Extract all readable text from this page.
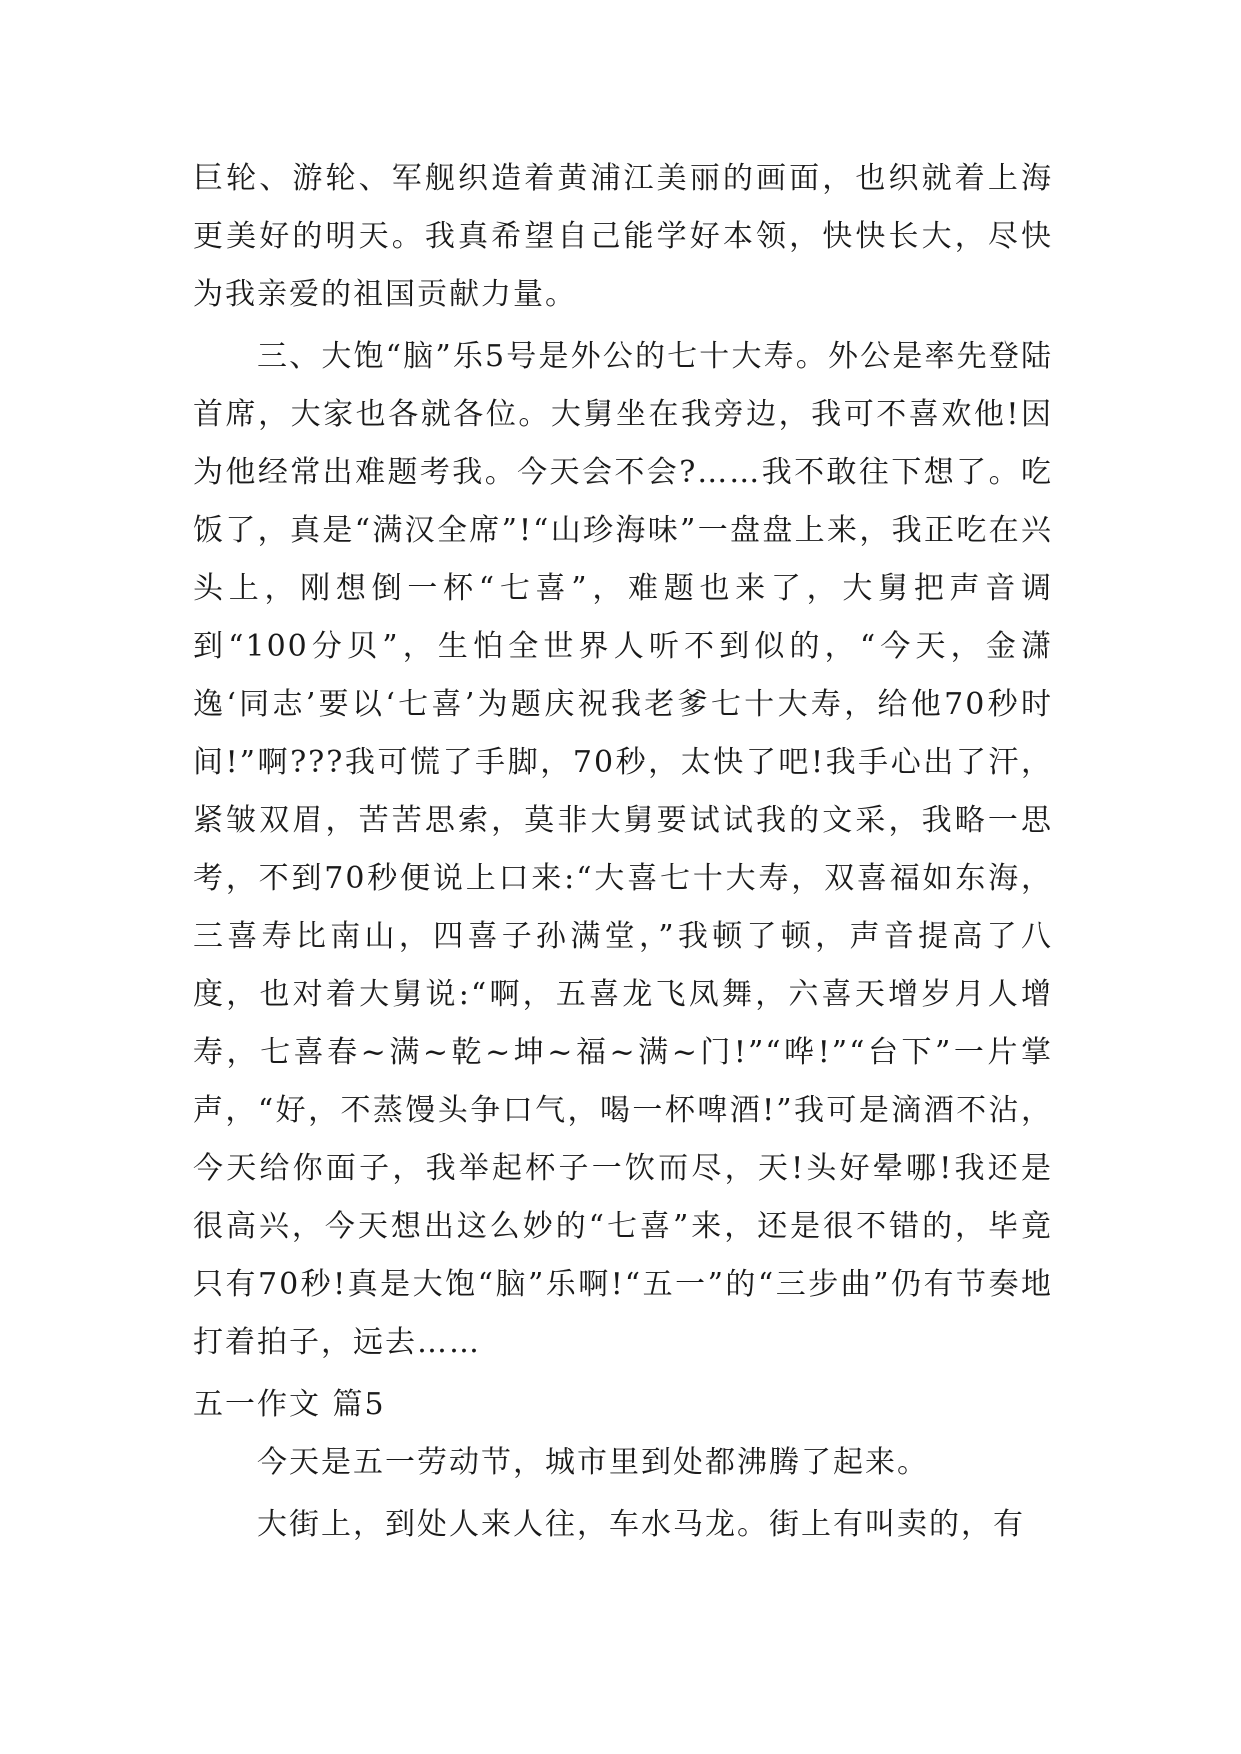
巨轮、游轮、军舰织造着黄浦江美丽的画面，也织就着上海更美好的明天。我真希望自己能学好本领，快快长大，尽快为我亲爱的祖国贡献力量。

三、大饱“脑”乐5号是外公的七十大寿。外公是率先登陆首席，大家也各就各位。大舅坐在我旁边，我可不喜欢他!因为他经常出难题考我。今天会不会?……我不敢往下想了。吃饭了，真是“满汉全席”!“山珍海味”一盘盘上来，我正吃在兴头上，刚想倒一杯“七喜”，难题也来了，大舅把声音调到“100分贝”，生怕全世界人听不到似的，“今天，金潇逸‘同志’要以‘七喜’为题庆祝我老爹七十大寿，给他70秒时间!”啊???我可慌了手脚，70秒，太快了吧!我手心出了汗，紧皱双眉，苦苦思索，莫非大舅要试试我的文采，我略一思考，不到70秒便说上口来:“大喜七十大寿，双喜福如东海，三喜寿比南山，四喜子孙满堂，”我顿了顿，声音提高了八度，也对着大舅说:“啊，五喜龙飞凤舞，六喜天增岁月人增寿，七喜春~满~乾~坤~福~满~门!”“哗!”“台下”一片掌声，“好，不蒸馒头争口气，喝一杯啤酒!”我可是滴酒不沾，今天给你面子，我举起杯子一饮而尽，天!头好晕哪!我还是很高兴，今天想出这么妙的“七喜”来，还是很不错的，毕竟只有70秒!真是大饱“脑”乐啊!“五一”的“三步曲”仍有节奏地打着拍子，远去……

五一作文 篇5

今天是五一劳动节，城市里到处都沸腾了起来。

大街上，到处人来人往，车水马龙。街上有叫卖的，有
